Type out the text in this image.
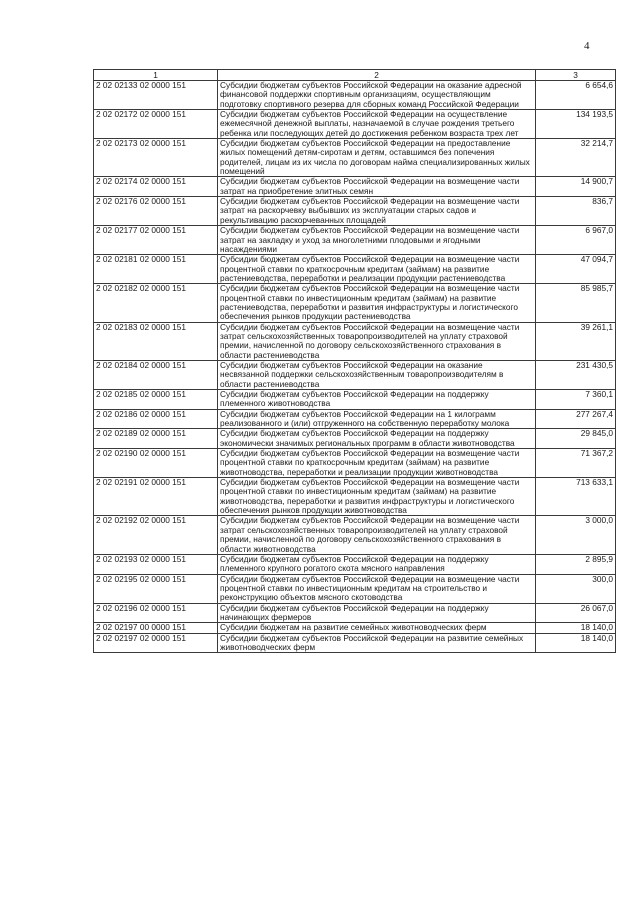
4
1	2	3
2 02 02133 02 0000 151	Субсидии бюджетам субъектов Российской Федерации на оказание адресной финансовой поддержки спортивным организациям, осуществляющим подготовку спортивного резерва для сборных команд Российской Федерации	6 654,6
2 02 02172 02 0000 151	Субсидии бюджетам субъектов Российской Федерации на осуществление ежемесячной денежной выплаты, назначаемой в случае рождения третьего ребенка или последующих детей до достижения ребенком возраста трех лет	134 193,5
2 02 02173 02 0000 151	Субсидии бюджетам субъектов Российской Федерации на предоставление жилых помещений детям-сиротам и детям, оставшимся без попечения родителей, лицам из их числа по договорам найма специализированных жилых помещений	32 214,7
2 02 02174 02 0000 151	Субсидии бюджетам субъектов Российской Федерации на возмещение части затрат на приобретение элитных семян	14 900,7
2 02 02176 02 0000 151	Субсидии бюджетам субъектов Российской Федерации на возмещение части затрат на раскорчевку выбывших из эксплуатации старых садов и рекультивацию раскорчеванных площадей	836,7
2 02 02177 02 0000 151	Субсидии бюджетам субъектов Российской Федерации на возмещение части затрат на закладку и уход за многолетними плодовыми и ягодными насаждениями	6 967,0
2 02 02181 02 0000 151	Субсидии бюджетам субъектов Российской Федерации на возмещение части процентной ставки по краткосрочным кредитам (займам) на развитие растениеводства, переработки и реализации продукции растениеводства	47 094,7
2 02 02182 02 0000 151	Субсидии бюджетам субъектов Российской Федерации на возмещение части процентной ставки по инвестиционным кредитам (займам) на развитие растениеводства, переработки и развития инфраструктуры и логистического обеспечения рынков продукции растениеводства	85 985,7
2 02 02183 02 0000 151	Субсидии бюджетам субъектов Российской Федерации на возмещение части затрат сельскохозяйственных товаропроизводителей на уплату страховой премии, начисленной по договору сельскохозяйственного страхования в области растениеводства	39 261,1
2 02 02184 02 0000 151	Субсидии бюджетам субъектов Российской Федерации на оказание несвязанной поддержки сельскохозяйственным товаропроизводителям в области растениеводства	231 430,5
2 02 02185 02 0000 151	Субсидии бюджетам субъектов Российской Федерации на поддержку племенного животноводства	7 360,1
2 02 02186 02 0000 151	Субсидии бюджетам субъектов Российской Федерации на 1 килограмм реализованного и (или) отгруженного на собственную переработку молока	277 267,4
2 02 02189 02 0000 151	Субсидии бюджетам субъектов Российской Федерации на поддержку экономически значимых региональных программ в области животноводства	29 845,0
2 02 02190 02 0000 151	Субсидии бюджетам субъектов Российской Федерации на возмещение части процентной ставки по краткосрочным кредитам (займам) на развитие животноводства, переработки и реализации продукции животноводства	71 367,2
2 02 02191 02 0000 151	Субсидии бюджетам субъектов Российской Федерации на возмещение части процентной ставки по инвестиционным кредитам (займам) на развитие животноводства, переработки и развития инфраструктуры и логистического обеспечения рынков продукции животноводства	713 633,1
2 02 02192 02 0000 151	Субсидии бюджетам субъектов Российской Федерации на возмещение части затрат сельскохозяйственных товаропроизводителей на уплату страховой премии, начисленной по договору сельскохозяйственного страхования в области животноводства	3 000,0
2 02 02193 02 0000 151	Субсидии бюджетам субъектов Российской Федерации на поддержку племенного крупного рогатого скота мясного направления	2 895,9
2 02 02195 02 0000 151	Субсидии бюджетам субъектов Российской Федерации на возмещение части процентной ставки по инвестиционным кредитам на строительство и реконструкцию объектов мясного скотоводства	300,0
2 02 02196 02 0000 151	Субсидии бюджетам субъектов Российской Федерации на поддержку начинающих фермеров	26 067,0
2 02 02197 00 0000 151	Субсидии бюджетам на развитие семейных животноводческих ферм	18 140,0
2 02 02197 02 0000 151	Субсидии бюджетам субъектов Российской Федерации на развитие семейных животноводческих ферм	18 140,0
